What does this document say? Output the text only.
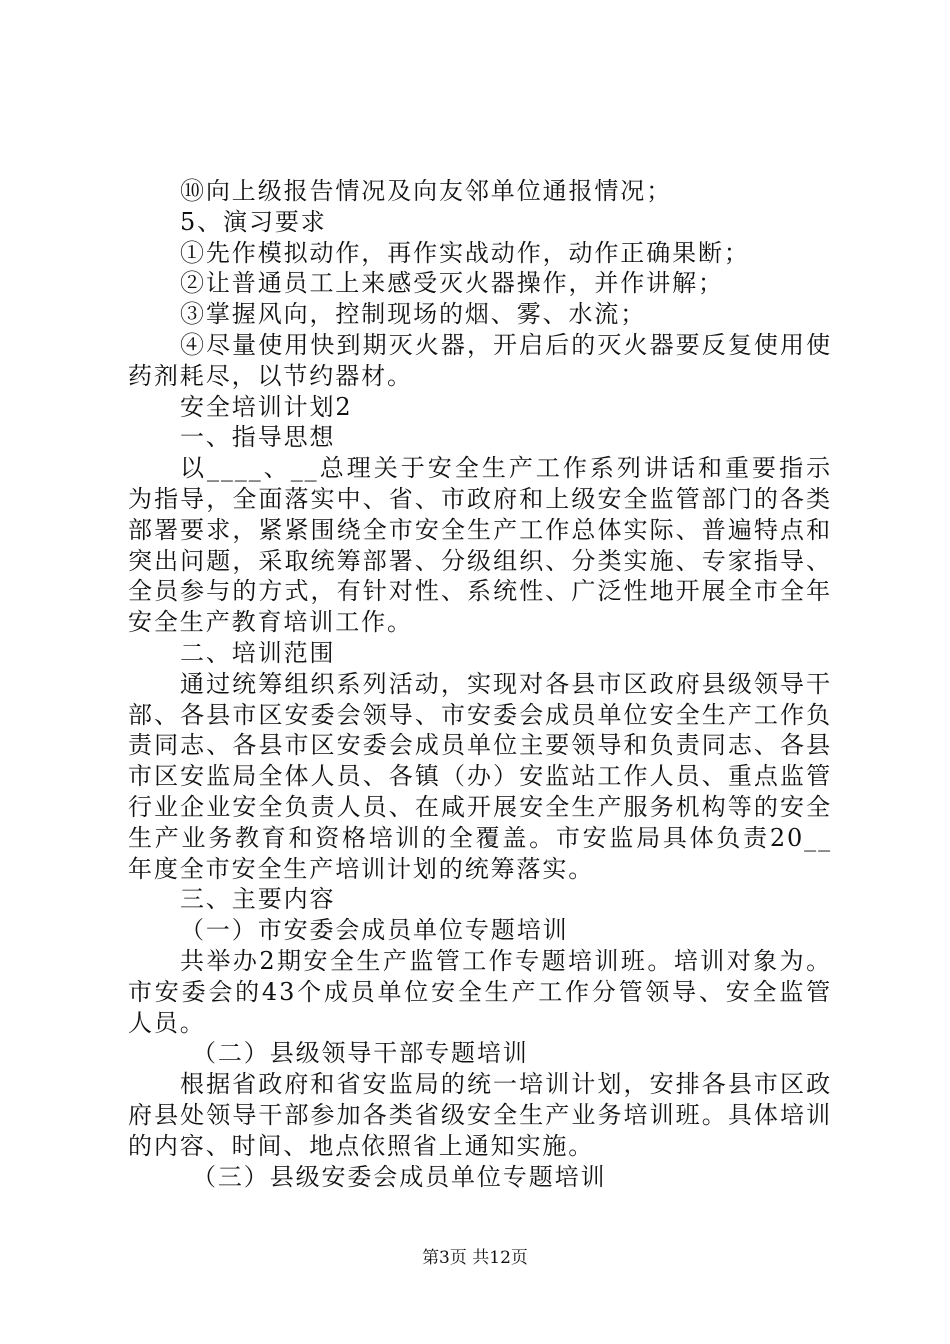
⑩向上级报告情况及向友邻单位通报情况；

5、演习要求

①先作模拟动作，再作实战动作，动作正确果断；

②让普通员工上来感受灭火器操作，并作讲解；

③掌握风向，控制现场的烟、雾、水流；

④尽量使用快到期灭火器，开启后的灭火器要反复使用使药剂耗尽，以节约器材。

安全培训计划2

一、指导思想

以____、__总理关于安全生产工作系列讲话和重要指示为指导，全面落实中、省、市政府和上级安全监管部门的各类部署要求，紧紧围绕全市安全生产工作总体实际、普遍特点和突出问题，采取统筹部署、分级组织、分类实施、专家指导、全员参与的方式，有针对性、系统性、广泛性地开展全市全年安全生产教育培训工作。

二、培训范围

通过统筹组织系列活动，实现对各县市区政府县级领导干部、各县市区安委会领导、市安委会成员单位安全生产工作负责同志、各县市区安委会成员单位主要领导和负责同志、各县市区安监局全体人员、各镇（办）安监站工作人员、重点监管行业企业安全负责人员、在咸开展安全生产服务机构等的安全生产业务教育和资格培训的全覆盖。市安监局具体负责20__年度全市安全生产培训计划的统筹落实。

三、主要内容

（一）市安委会成员单位专题培训

共举办2期安全生产监管工作专题培训班。培训对象为。市安委会的43个成员单位安全生产工作分管领导、安全监管人员。

（二）县级领导干部专题培训

根据省政府和省安监局的统一培训计划，安排各县市区政府县处领导干部参加各类省级安全生产业务培训班。具体培训的内容、时间、地点依照省上通知实施。

（三）县级安委会成员单位专题培训

第3页 共12页
